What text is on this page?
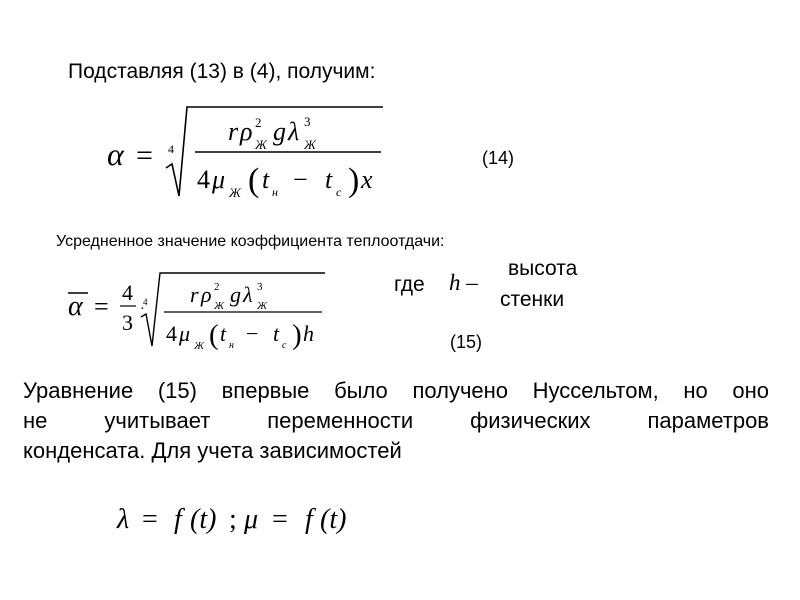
Подставляя (13) в (4), получим:
α = 4
r ρ 2
Ж g λ 3
Ж
4 μ Ж ( t н − t с ) x
(14)
Усредненное значение коэффициента теплоотдачи:
α = 4
3
·
4 r ρ 2
Ж g λ 3
Ж
4 μ Ж ( t н − t с ) h
где h –
высота
стенки
(15)

Уравнение (15) впервые было получено Нуссельтом, но оно

не учитывает переменности физических параметров

конденсата. Для учета зависимостей

λ = f (t) ; μ = f (t)
